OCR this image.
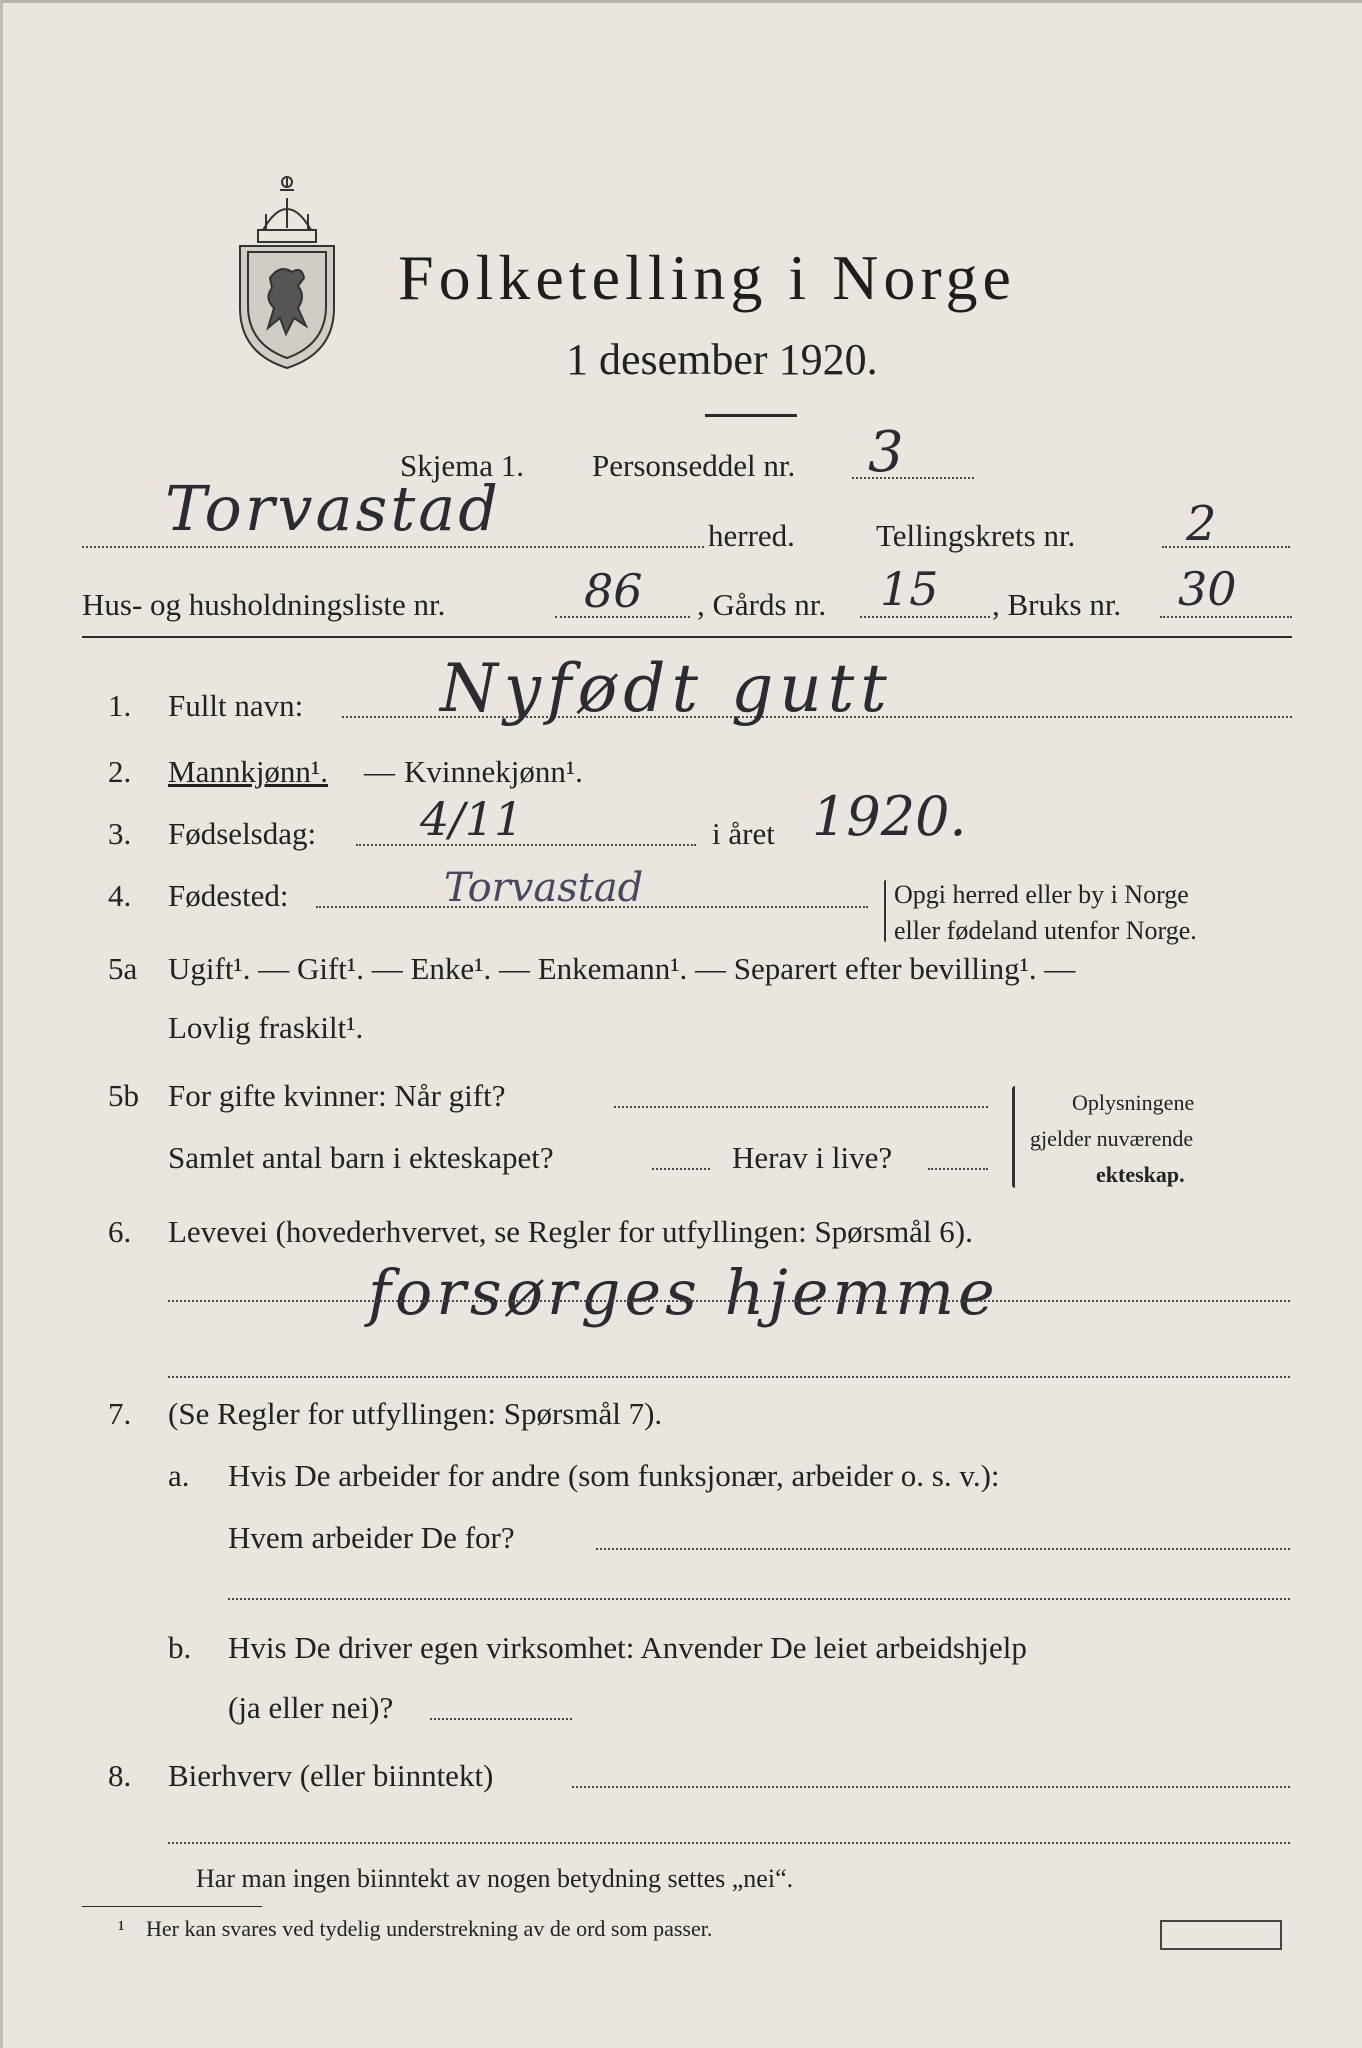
Folketelling i Norge
1 desember 1920.
Skjema 1. Personseddel nr. 3
Torvastad	herred.	Tellingskrets nr. 2
Hus- og husholdningsliste nr.	86 , Gårds nr. 15 , Bruks nr. 30
1. Fullt navn: Nyfødt gutt
2. Mannkjønn¹. — Kvinnekjønn¹.
3. Fødselsdag: 4/11	i året 1920.
4. Fødested:	Torvastad	Opgi herred eller by i Norge
eller fødeland utenfor Norge.
5a Ugift¹. — Gift¹. — Enke¹. — Enkemann¹. — Separert efter bevilling¹. —
Lovlig fraskilt¹.
5b For gifte kvinner: Når gift?
Samlet antal barn i ekteskapet?	Herav i live?
Oplysningene
gjelder nuværende
ekteskap.
6. Levevei (hovederhvervet, se Regler for utfyllingen: Spørsmål 6).
forsørges hjemme
7. (Se Regler for utfyllingen: Spørsmål 7).
a. Hvis De arbeider for andre (som funksjonær, arbeider o. s. v.):
Hvem arbeider De for?
b. Hvis De driver egen virksomhet: Anvender De leiet arbeidshjelp
(ja eller nei)?
8. Bierhverv (eller biinntekt)
Har man ingen biinntekt av nogen betydning settes „nei“.
¹ Her kan svares ved tydelig understrekning av de ord som passer.
